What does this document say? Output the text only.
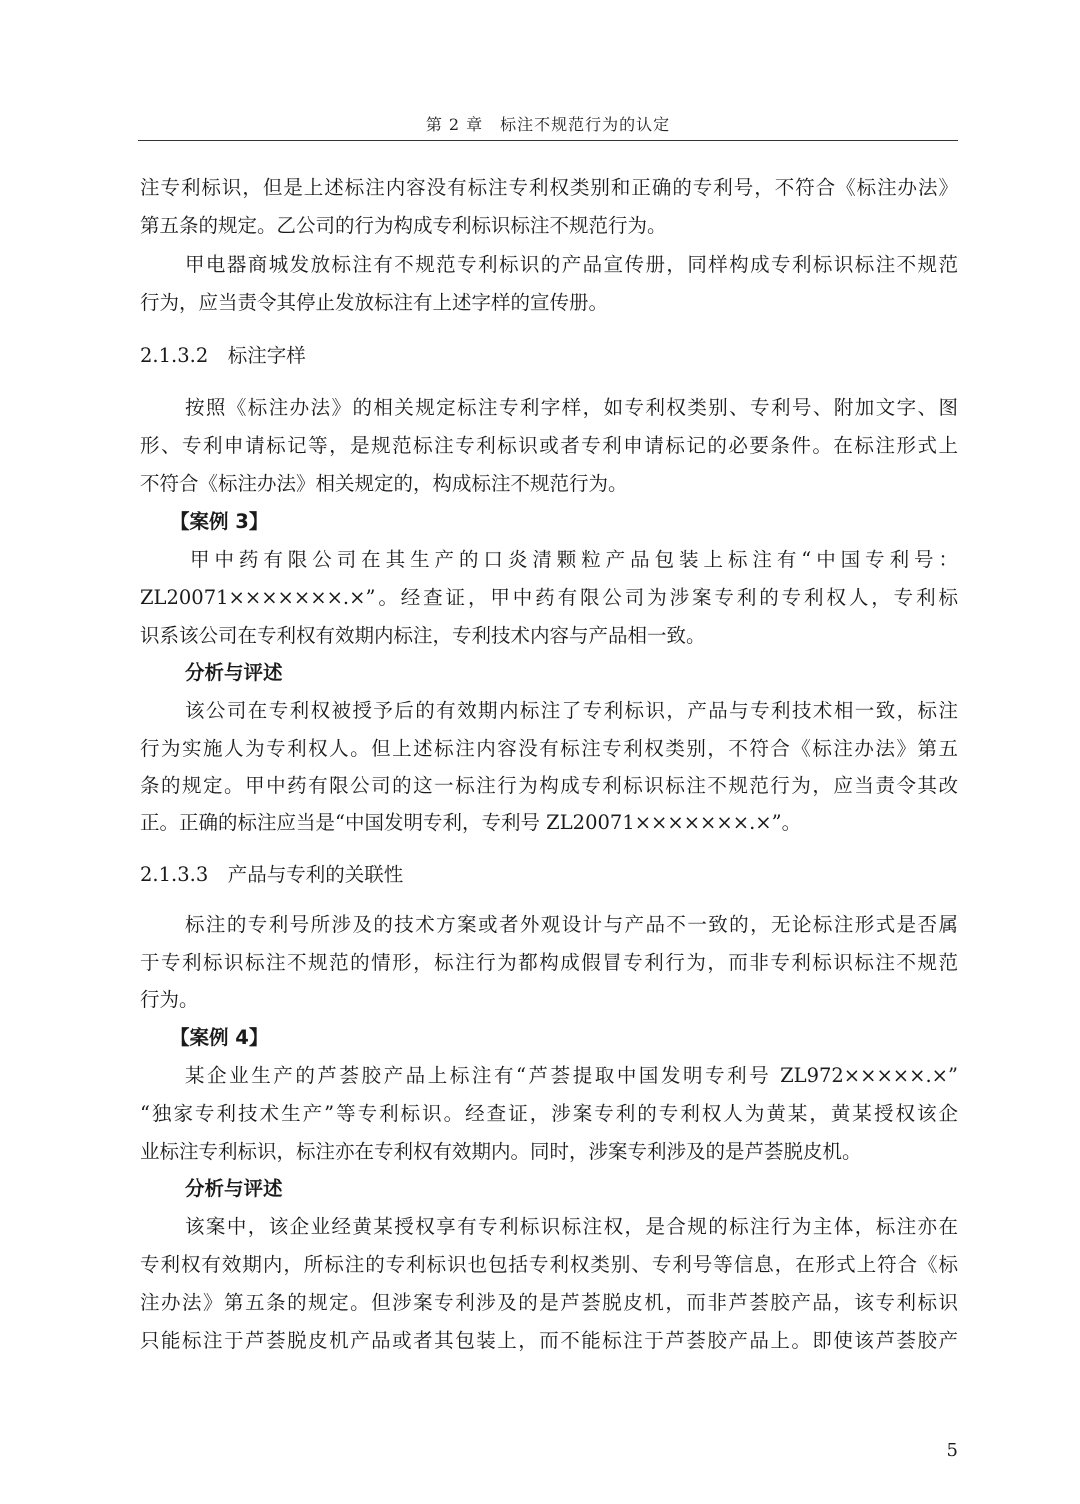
第 2 章　标注不规范行为的认定
注专利标识，但是上述标注内容没有标注专利权类别和正确的专利号，不符合《标注办法》
第五条的规定。乙公司的行为构成专利标识标注不规范行为。
甲电器商城发放标注有不规范专利标识的产品宣传册，同样构成专利标识标注不规范
行为，应当责令其停止发放标注有上述字样的宣传册。
2.1.3.2　标注字样
按照《标注办法》的相关规定标注专利字样，如专利权类别、专利号、附加文字、图
形、专利申请标记等，是规范标注专利标识或者专利申请标记的必要条件。在标注形式上
不符合《标注办法》相关规定的，构成标注不规范行为。
【案例 3】
甲中药有限公司在其生产的口炎清颗粒产品包装上标注有“中国专利号：
ZL20071×××××××.×”。经查证，甲中药有限公司为涉案专利的专利权人，专利标
识系该公司在专利权有效期内标注，专利技术内容与产品相一致。
分析与评述
该公司在专利权被授予后的有效期内标注了专利标识，产品与专利技术相一致，标注
行为实施人为专利权人。但上述标注内容没有标注专利权类别，不符合《标注办法》第五
条的规定。甲中药有限公司的这一标注行为构成专利标识标注不规范行为，应当责令其改
正。正确的标注应当是“中国发明专利，专利号 ZL20071×××××××.×”。
2.1.3.3　产品与专利的关联性
标注的专利号所涉及的技术方案或者外观设计与产品不一致的，无论标注形式是否属
于专利标识标注不规范的情形，标注行为都构成假冒专利行为，而非专利标识标注不规范
行为。
【案例 4】
某企业生产的芦荟胶产品上标注有“芦荟提取中国发明专利号 ZL972×××××.×”
“独家专利技术生产”等专利标识。经查证，涉案专利的专利权人为黄某，黄某授权该企
业标注专利标识，标注亦在专利权有效期内。同时，涉案专利涉及的是芦荟脱皮机。
分析与评述
该案中，该企业经黄某授权享有专利标识标注权，是合规的标注行为主体，标注亦在
专利权有效期内，所标注的专利标识也包括专利权类别、专利号等信息，在形式上符合《标
注办法》第五条的规定。但涉案专利涉及的是芦荟脱皮机，而非芦荟胶产品，该专利标识
只能标注于芦荟脱皮机产品或者其包装上，而不能标注于芦荟胶产品上。即使该芦荟胶产
5
